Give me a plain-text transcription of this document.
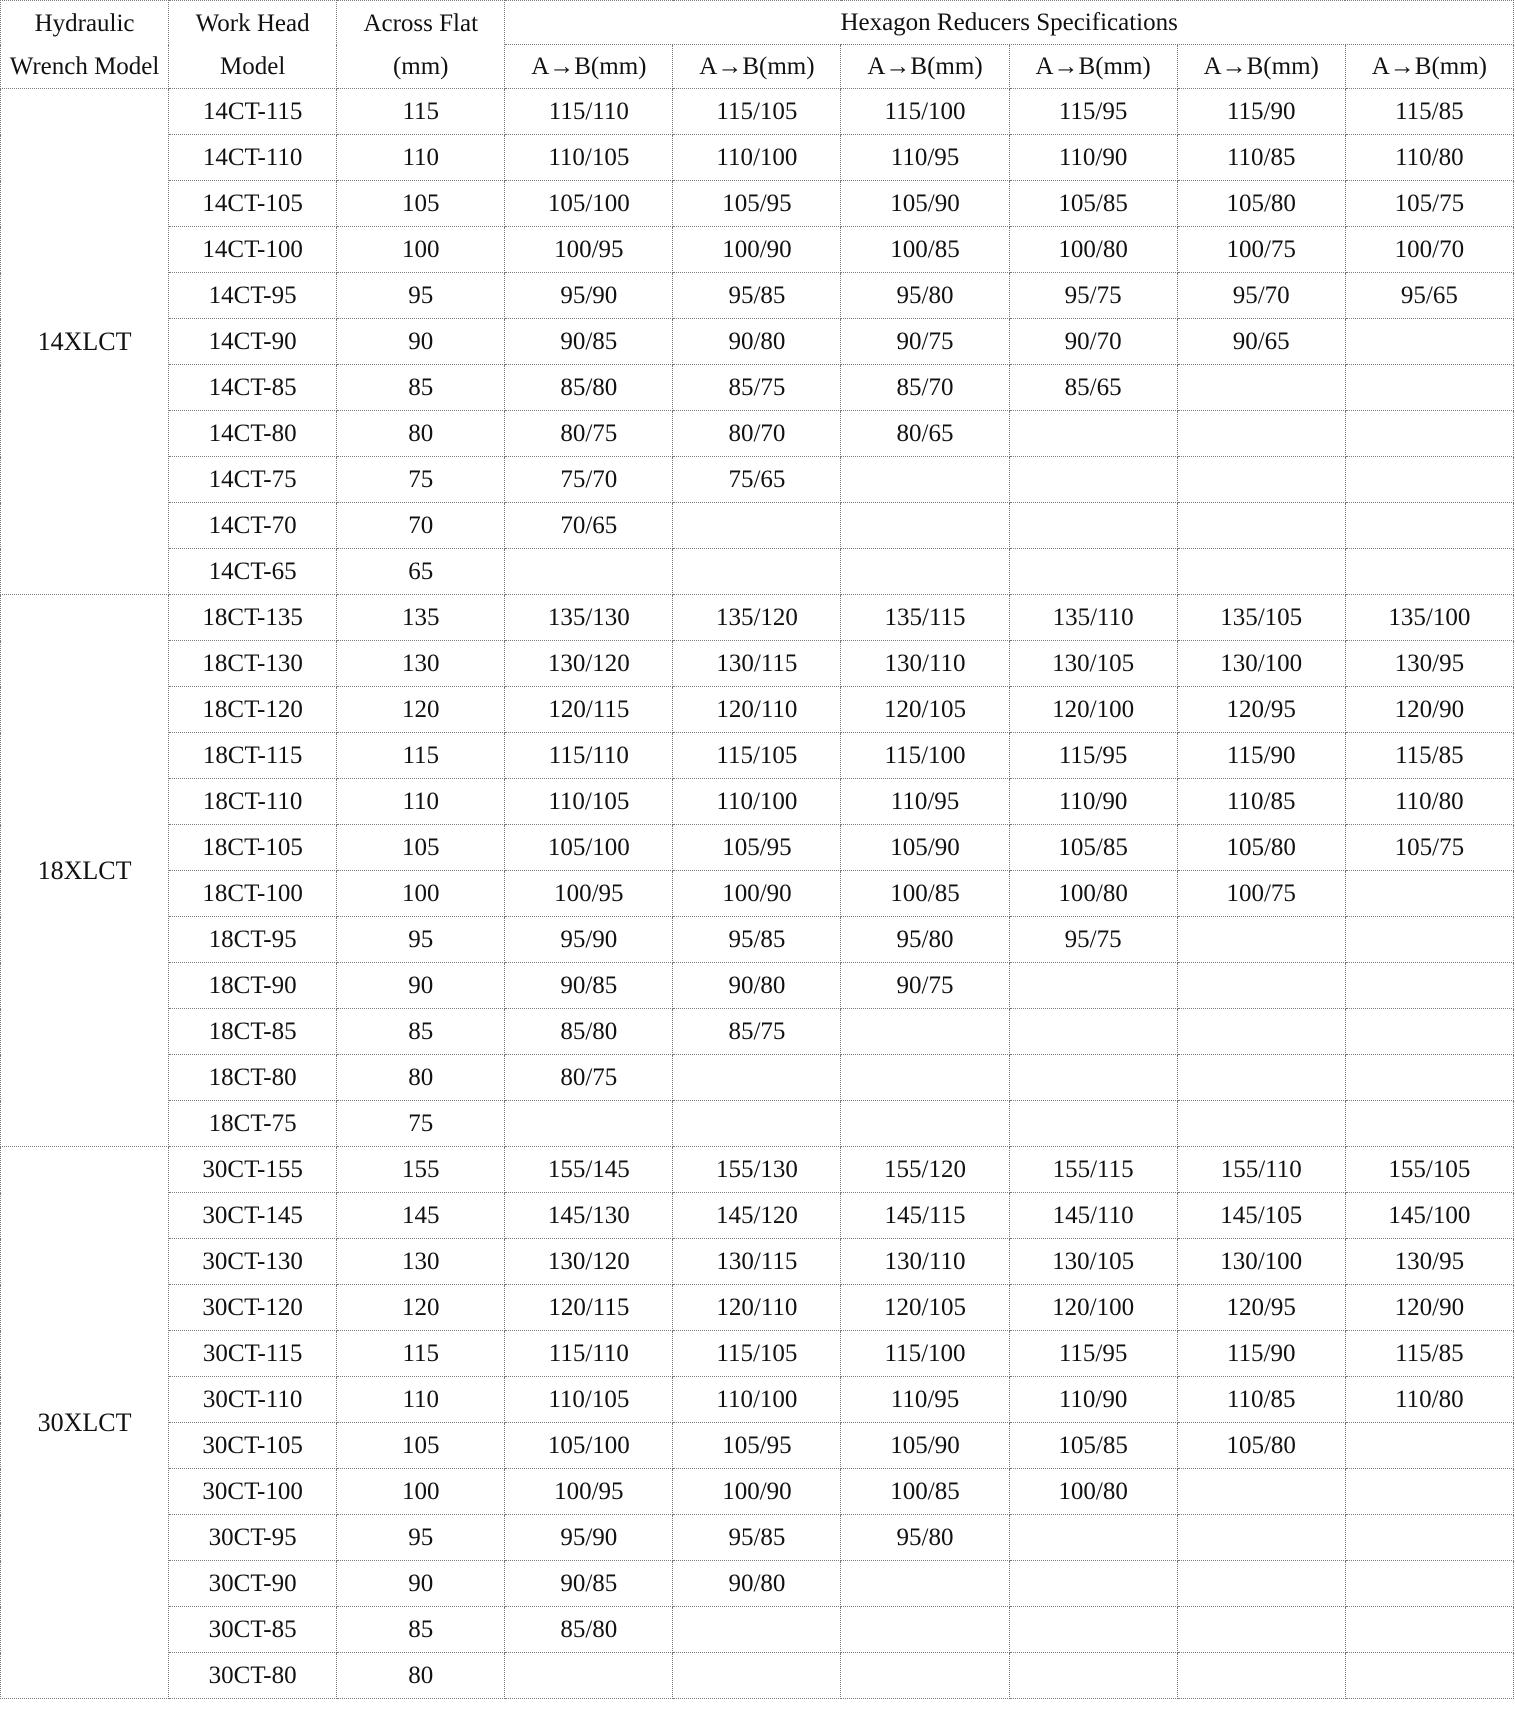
Hydraulic Wrench Model	Work Head Model	Across Flat (mm)	Hexagon Reducers Specifications					
			A→B(mm)	A→B(mm)	A→B(mm)	A→B(mm)	A→B(mm)	A→B(mm)
14XLCT	14CT-115	115	115/110	115/105	115/100	115/95	115/90	115/85
	14CT-110	110	110/105	110/100	110/95	110/90	110/85	110/80
	14CT-105	105	105/100	105/95	105/90	105/85	105/80	105/75
	14CT-100	100	100/95	100/90	100/85	100/80	100/75	100/70
	14CT-95	95	95/90	95/85	95/80	95/75	95/70	95/65
	14CT-90	90	90/85	90/80	90/75	90/70	90/65	
	14CT-85	85	85/80	85/75	85/70	85/65		
	14CT-80	80	80/75	80/70	80/65			
	14CT-75	75	75/70	75/65				
	14CT-70	70	70/65					
	14CT-65	65						
18XLCT	18CT-135	135	135/130	135/120	135/115	135/110	135/105	135/100
	18CT-130	130	130/120	130/115	130/110	130/105	130/100	130/95
	18CT-120	120	120/115	120/110	120/105	120/100	120/95	120/90
	18CT-115	115	115/110	115/105	115/100	115/95	115/90	115/85
	18CT-110	110	110/105	110/100	110/95	110/90	110/85	110/80
	18CT-105	105	105/100	105/95	105/90	105/85	105/80	105/75
	18CT-100	100	100/95	100/90	100/85	100/80	100/75	
	18CT-95	95	95/90	95/85	95/80	95/75		
	18CT-90	90	90/85	90/80	90/75			
	18CT-85	85	85/80	85/75				
	18CT-80	80	80/75					
	18CT-75	75						
30XLCT	30CT-155	155	155/145	155/130	155/120	155/115	155/110	155/105
	30CT-145	145	145/130	145/120	145/115	145/110	145/105	145/100
	30CT-130	130	130/120	130/115	130/110	130/105	130/100	130/95
	30CT-120	120	120/115	120/110	120/105	120/100	120/95	120/90
	30CT-115	115	115/110	115/105	115/100	115/95	115/90	115/85
	30CT-110	110	110/105	110/100	110/95	110/90	110/85	110/80
	30CT-105	105	105/100	105/95	105/90	105/85	105/80	
	30CT-100	100	100/95	100/90	100/85	100/80		
	30CT-95	95	95/90	95/85	95/80			
	30CT-90	90	90/85	90/80				
	30CT-85	85	85/80					
	30CT-80	80						
